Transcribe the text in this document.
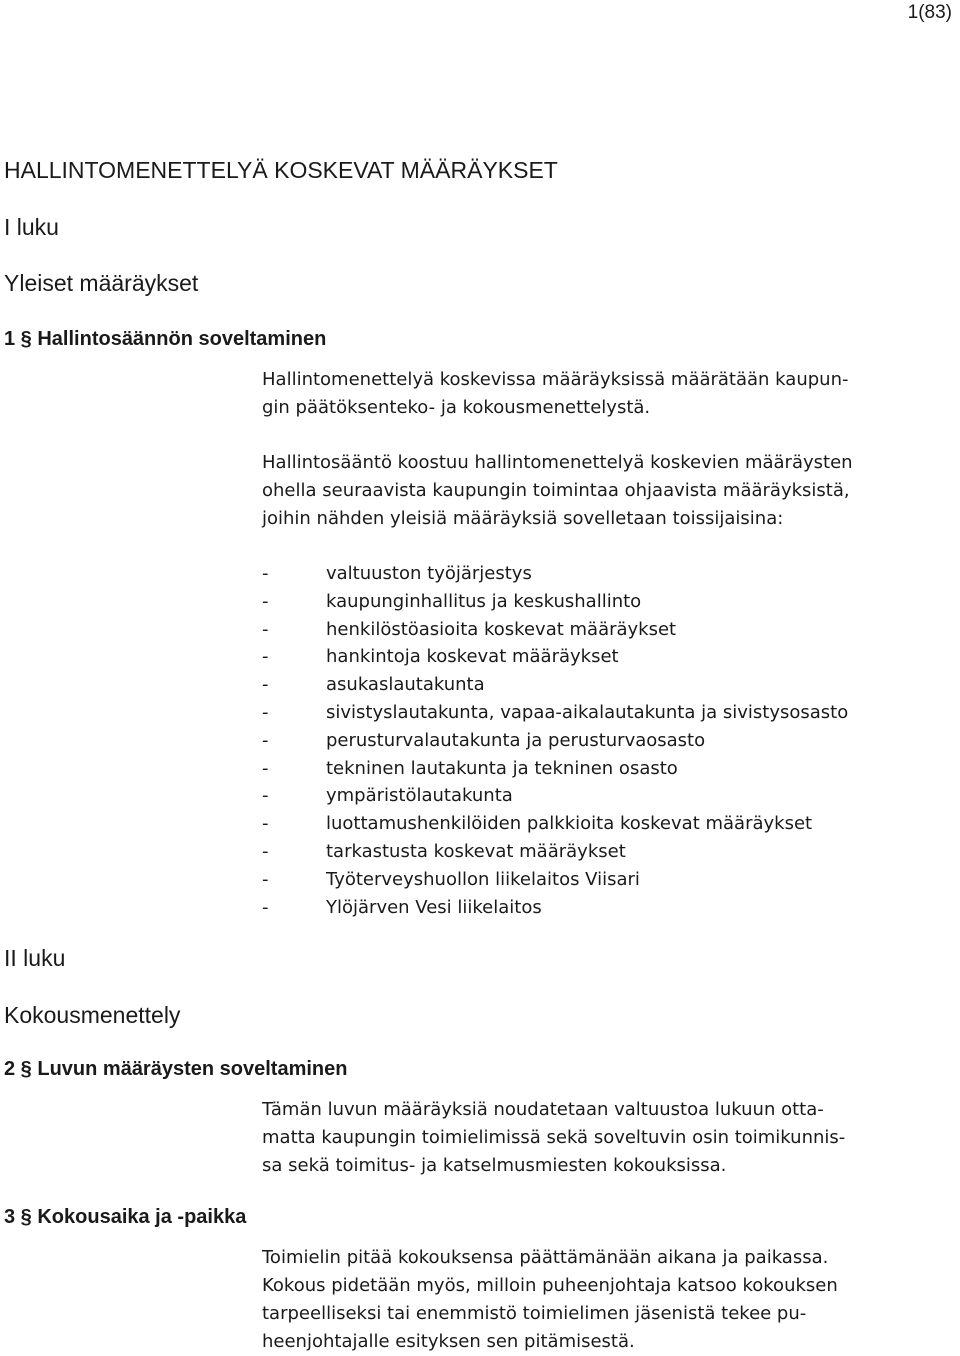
1(83)
HALLINTOMENETTELYÄ KOSKEVAT MÄÄRÄYKSET
I luku
Yleiset määräykset
1 § Hallintosäännön soveltaminen

Hallintomenettelyä koskevissa määräyksissä määrätään kaupun-

gin päätöksenteko- ja kokousmenettelystä.

Hallintosääntö koostuu hallintomenettelyä koskevien määräysten

ohella seuraavista kaupungin toimintaa ohjaavista määräyksistä,

joihin nähden yleisiä määräyksiä sovelletaan toissijaisina:

-	valtuuston työjärjestys
-	kaupunginhallitus ja keskushallinto
-	henkilöstöasioita koskevat määräykset
-	hankintoja koskevat määräykset
-	asukaslautakunta
-	sivistyslautakunta, vapaa-aikalautakunta ja sivistysosasto
-	perusturvalautakunta ja perusturvaosasto
-	tekninen lautakunta ja tekninen osasto
-	ympäristölautakunta
-	luottamushenkilöiden palkkioita koskevat määräykset
-	tarkastusta koskevat määräykset
-	Työterveyshuollon liikelaitos Viisari
-	Ylöjärven Vesi liikelaitos
II luku
Kokousmenettely
2 § Luvun määräysten soveltaminen

Tämän luvun määräyksiä noudatetaan valtuustoa lukuun otta-

matta kaupungin toimielimissä sekä soveltuvin osin toimikunnis-

sa sekä toimitus- ja katselmusmiesten kokouksissa.

3 § Kokousaika ja -paikka

Toimielin pitää kokouksensa päättämänään aikana ja paikassa.

Kokous pidetään myös, milloin puheenjohtaja katsoo kokouksen

tarpeelliseksi tai enemmistö toimielimen jäsenistä tekee pu-

heenjohtajalle esityksen sen pitämisestä.
